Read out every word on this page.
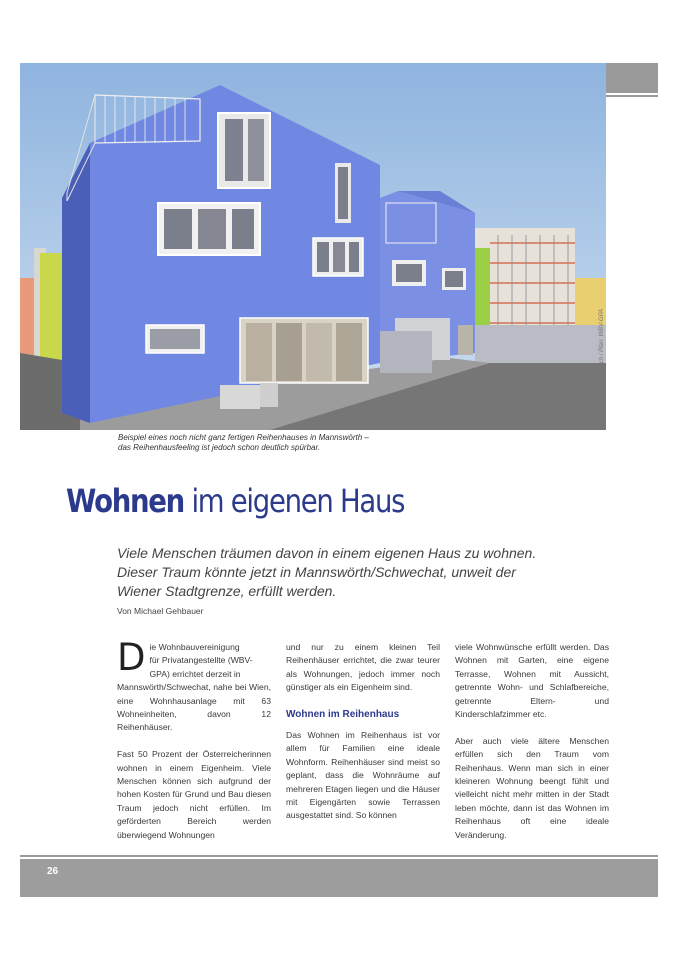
© Foto: Claudio Farkasch / Plan: WBV-GPA
Beispiel eines noch nicht ganz fertigen Reihenhauses in Mannswörth –
das Reihenhausfeeling ist jedoch schon deutlich spürbar.
Wohnen im eigenen Haus
Viele Menschen träumen davon in einem eigenen Haus zu wohnen.
Dieser Traum könnte jetzt in Mannswörth/Schwechat, unweit der
Wiener Stadtgrenze, erfüllt werden.
Von Michael Gehbauer

D ie Wohnbauvereinigung
für Privatangestellte (WBV-
GPA) errichtet derzeit in
Mannswörth/Schwechat, nahe bei Wien, eine Wohnhausanlage mit 63 Wohneinheiten, davon 12 Reihenhäuser.

Fast 50 Prozent der Österreicherinnen wohnen in einem Eigenheim. Viele Menschen können sich aufgrund der hohen Kosten für Grund und Bau diesen Traum jedoch nicht erfüllen. Im geförderten Bereich werden überwiegend Wohnungen

und nur zu einem kleinen Teil Reihenhäuser errichtet, die zwar teurer als Wohnungen, jedoch immer noch günstiger als ein Eigenheim sind.

Wohnen im Reihenhaus

Das Wohnen im Reihenhaus ist vor allem für Familien eine ideale Wohnform. Reihenhäuser sind meist so geplant, dass die Wohnräume auf mehreren Etagen liegen und die Häuser mit Eigengärten sowie Terrassen ausgestattet sind. So können

viele Wohnwünsche erfüllt werden. Das Wohnen mit Garten, eine eigene Terrasse, Wohnen mit Aussicht, getrennte Wohn- und Schlafbereiche, getrennte Eltern- und Kinderschlafzimmer etc.

Aber auch viele ältere Menschen erfüllen sich den Traum vom Reihenhaus. Wenn man sich in einer kleineren Wohnung beengt fühlt und vielleicht nicht mehr mitten in der Stadt leben möchte, dann ist das Wohnen im Reihenhaus oft eine ideale Veränderung.

26
